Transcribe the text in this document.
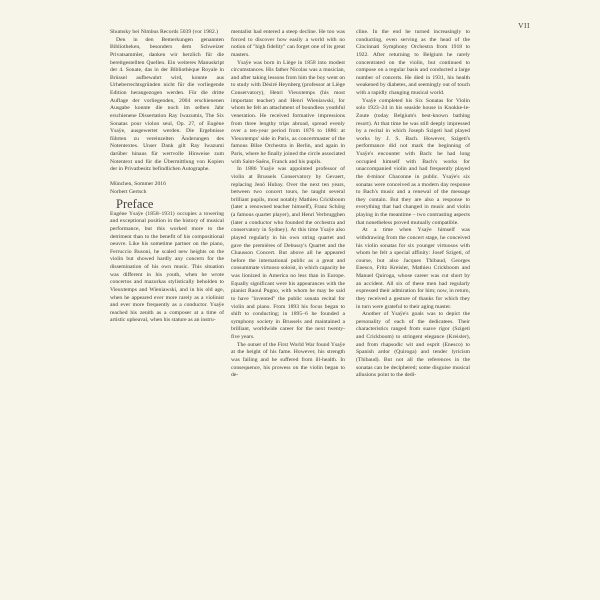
VII

Shumsky bei Nimbus Records 5039 (vor 1982.)

Den in den Bemerkungen genannten Bibliotheken, besonders dem Schweizer Privatsammler, danken wir herzlich für die bereitgestellten Quellen. Ein weiteres Manuskript der 4. Sonate, das in der Bibliothèque Royale in Brüssel aufbewahrt wird, konnte aus Urheberrechtsgründen nicht für die vorliegende Edition herangezogen werden. Für die dritte Auflage der vorliegenden, 2004 erschienenen Ausgabe konnte die noch im selben Jahr erschienene Dissertation Ray Iwazumis, The Six Sonatas pour violon seul, Op. 27, of Eugène Ysaÿe, ausgewertet werden. Die Ergebnisse führten zu vereinzelten Änderungen des Notentextes. Unser Dank gilt Ray Iwazumi darüber hinaus für wertvolle Hinweise zum Notentext und für die Übermittlung von Kopien der in Privatbesitz befindlichen Autographe.

München, Sommer 2016

Norbert Gertsch

Preface

Eugène Ysaÿe (1858–1931) occupies a towering and exceptional position in the history of musical performance, but this worked more to the detriment than to the benefit of his compositional oeuvre. Like his sometime partner on the piano, Ferruccio Busoni, he scaled new heights on the violin but showed hardly any concern for the dissemination of his own music. This situation was different in his youth, when he wrote concertos and mazurkas stylistically beholden to Vieuxtemps and Wieniawski, and in his old age, when he appeared ever more rarely as a violinist and ever more frequently as a conductor. Ysaÿe reached his zenith as a composer at a time of artistic upheaval, when his stature as an instru-

mentalist had entered a steep decline. He too was forced to discover how easily a world with no notion of "high fidelity" can forget one of its great masters.

Ysaÿe was born in Liège in 1858 into modest circumstances. His father Nicolas was a musician, and after taking lessons from him the boy went on to study with Désiré Heynberg (professor at Liège Conservatory), Henri Vieuxtemps (his most important teacher) and Henri Wieniawski, for whom he felt an attachment of boundless youthful veneration. He received formative impressions from three lengthy trips abroad, spread evenly over a ten-year period from 1876 to 1886: at Vieuxtemps' side in Paris, as concertmaster of the famous Bilse Orchestra in Berlin, and again in Paris, where he finally joined the circle associated with Saint-Saëns, Franck and his pupils.

In 1886 Ysaÿe was appointed professor of violin at Brussels Conservatory by Gevaert, replacing Jenö Hubay. Over the next ten years, between two concert tours, he taught several brilliant pupils, most notably Mathieu Crickboom (later a renowned teacher himself), Franz Schörg (a famous quartet player), and Henri Verbrugghen (later a conductor who founded the orchestra and conservatory in Sydney). At this time Ysaÿe also played regularly in his own string quartet and gave the premières of Debussy's Quartet and the Chausson Concert. But above all he appeared before the international public as a great and consummate virtuoso soloist, in which capacity he was lionized in America no less than in Europe. Equally significant were his appearances with the pianist Raoul Pugno, with whom he may be said to have "invented" the public sonata recital for violin and piano. From 1893 his focus began to shift to conducting; in 1895–6 he founded a symphony society in Brussels and maintained a brilliant, worldwide career for the next twenty-five years.

The outset of the First World War found Ysaÿe at the height of his fame. However, his strength was failing and he suffered from ill-health. In consequence, his prowess on the violin began to de-

cline. In the end he turned increasingly to conducting, even serving as the head of the Cincinnati Symphony Orchestra from 1918 to 1922. After returning to Belgium he rarely concentrated on the violin, but continued to compose on a regular basis and conducted a large number of concerts. He died in 1931, his health weakened by diabetes, and seemingly out of touch with a rapidly changing musical world.

Ysaÿe completed his Six Sonatas for Violin solo 1923–24 in his seaside house in Knokke-le-Zoute (today Belgium's best-known bathing resort). At that time he was still deeply impressed by a recital in which Joseph Szigeti had played works by J. S. Bach. However, Szigeti's performance did not mark the beginning of Ysaÿe's encounter with Bach: he had long occupied himself with Bach's works for unaccompanied violin and had frequently played the d-minor Chaconne in public. Ysaÿe's six sonatas were conceived as a modern day response to Bach's music and a renewal of the message they contain. But they are also a response to everything that had changed in music and violin playing in the meantime – two contrasting aspects that nonetheless proved mutually compatible.

At a time when Ysaÿe himself was withdrawing from the concert stage, he conceived his violin sonatas for six younger virtuosos with whom he felt a special affinity: Josef Szigeti, of course, but also Jacques Thibaud, Georges Enesco, Fritz Kreisler, Mathieu Crickboom and Manuel Quiroga, whose career was cut short by an accident. All six of these men had regularly expressed their admiration for him; now, in return, they received a gesture of thanks for which they in turn were grateful to their aging master.

Another of Ysaÿe's goals was to depict the personality of each of the dedicatees. Their characteristics ranged from suave rigor (Szigeti and Crickboom) to stringent elegance (Kreisler), and from rhapsodic wit and esprit (Enesco) to Spanish ardor (Quiroga) and tender lyricism (Thibaud). But not all the references in the sonatas can be deciphered; some disguise musical allusions point to the dedi-
